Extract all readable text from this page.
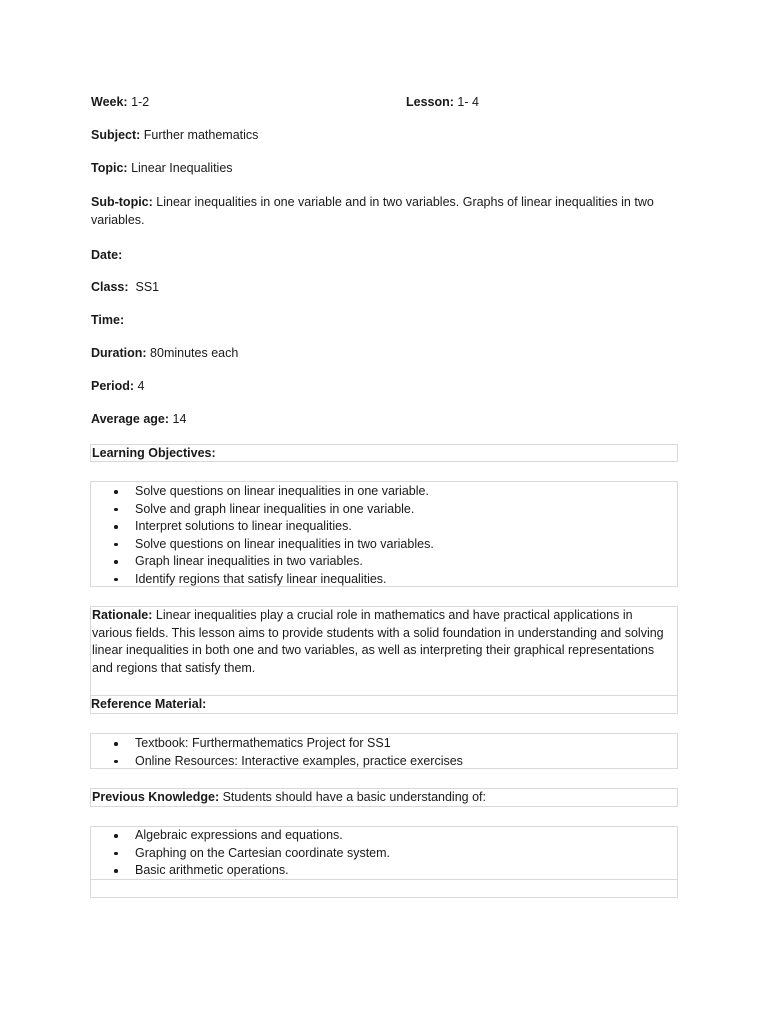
Week: 1-2	Lesson: 1- 4
Subject: Further mathematics
Topic: Linear Inequalities
Sub-topic: Linear inequalities in one variable and in two variables. Graphs of linear inequalities in two
variables.
Date:
Class: SS1
Time:
Duration: 80minutes each
Period: 4
Average age: 14

Learning Objectives:

Solve questions on linear inequalities in one variable.
Solve and graph linear inequalities in one variable.
Interpret solutions to linear inequalities.
Solve questions on linear inequalities in two variables.
Graph linear inequalities in two variables.
Identify regions that satisfy linear inequalities.

Rationale: Linear inequalities play a crucial role in mathematics and have practical applications in

various fields. This lesson aims to provide students with a solid foundation in understanding and solving

linear inequalities in both one and two variables, as well as interpreting their graphical representations

and regions that satisfy them.

Reference Material:
Textbook: Furthermathematics Project for SS1
Online Resources: Interactive examples, practice exercises

Previous Knowledge: Students should have a basic understanding of:

Algebraic expressions and equations.
Graphing on the Cartesian coordinate system.
Basic arithmetic operations.
